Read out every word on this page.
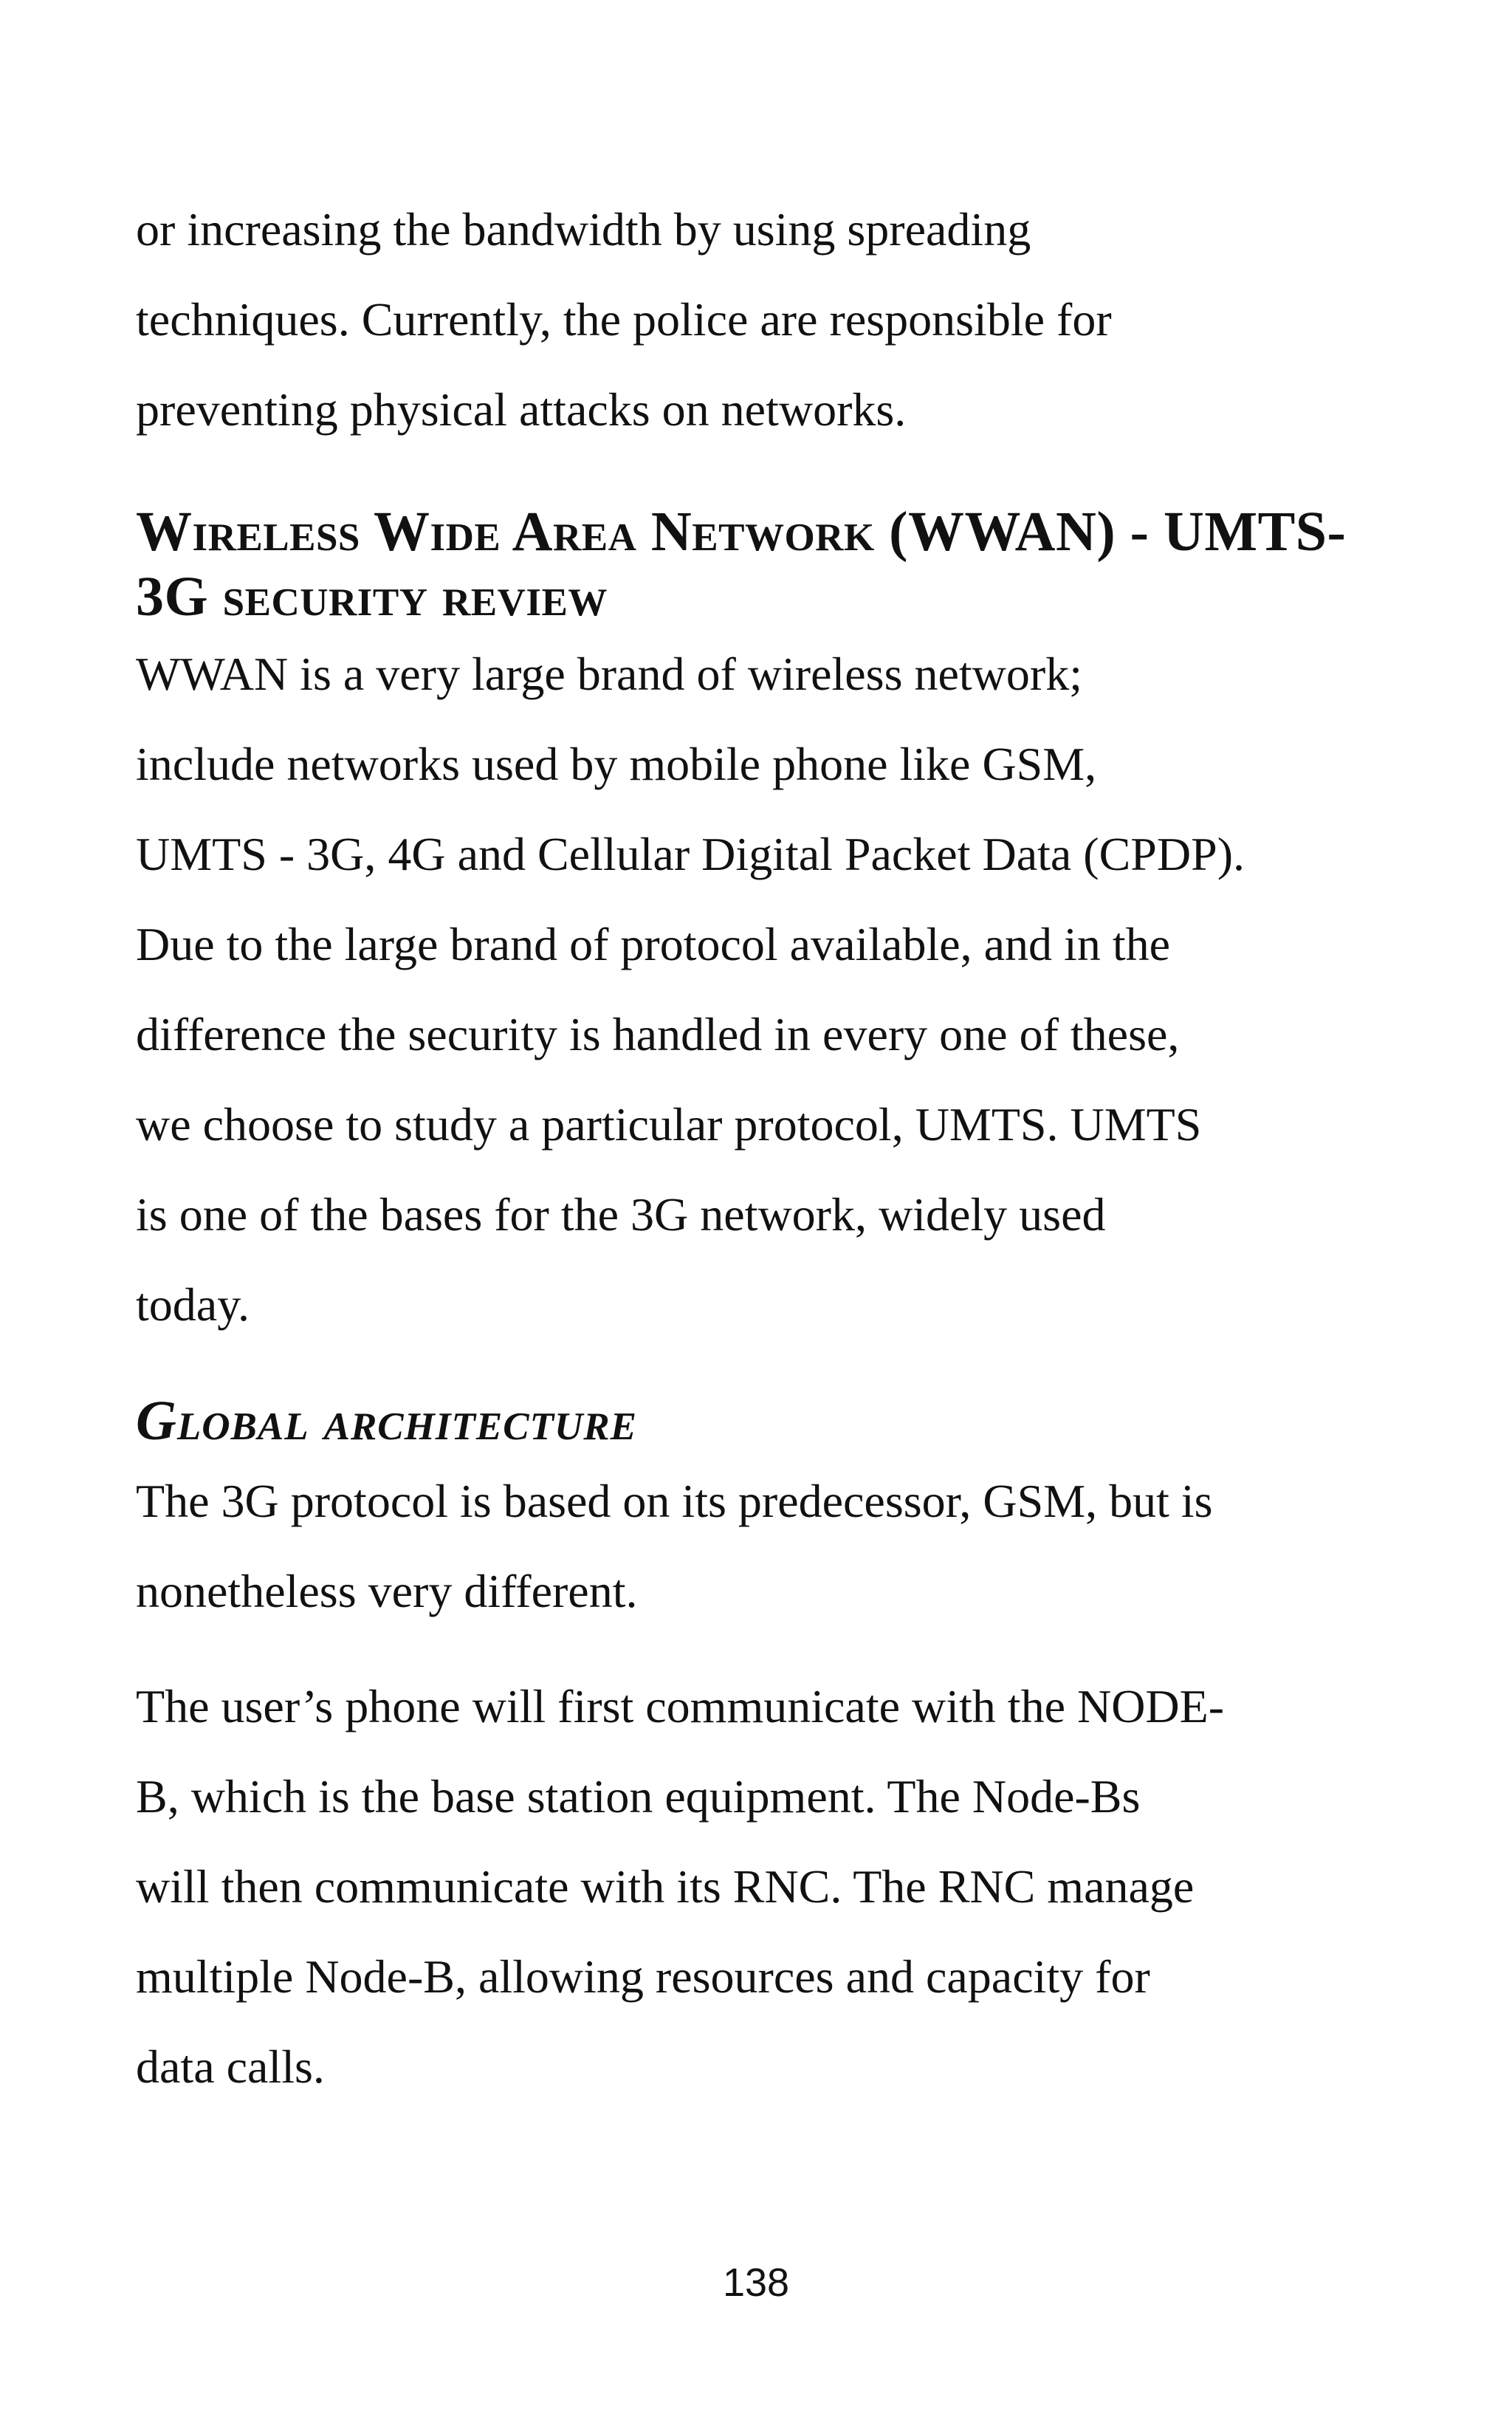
or increasing the bandwidth by using spreading
techniques. Currently, the police are responsible for
preventing physical attacks on networks.

Wireless Wide Area Network (WWAN) - UMTS-
3G security review

WWAN is a very large brand of wireless network;
include networks used by mobile phone like GSM,
UMTS - 3G, 4G and Cellular Digital Packet Data (CPDP).
Due to the large brand of protocol available, and in the
difference the security is handled in every one of these,
we choose to study a particular protocol, UMTS. UMTS
is one of the bases for the 3G network, widely used
today.

Global architecture

The 3G protocol is based on its predecessor, GSM, but is
nonetheless very different.

The user’s phone will first communicate with the NODE-
B, which is the base station equipment. The Node-Bs
will then communicate with its RNC. The RNC manage
multiple Node-B, allowing resources and capacity for
data calls.

138
